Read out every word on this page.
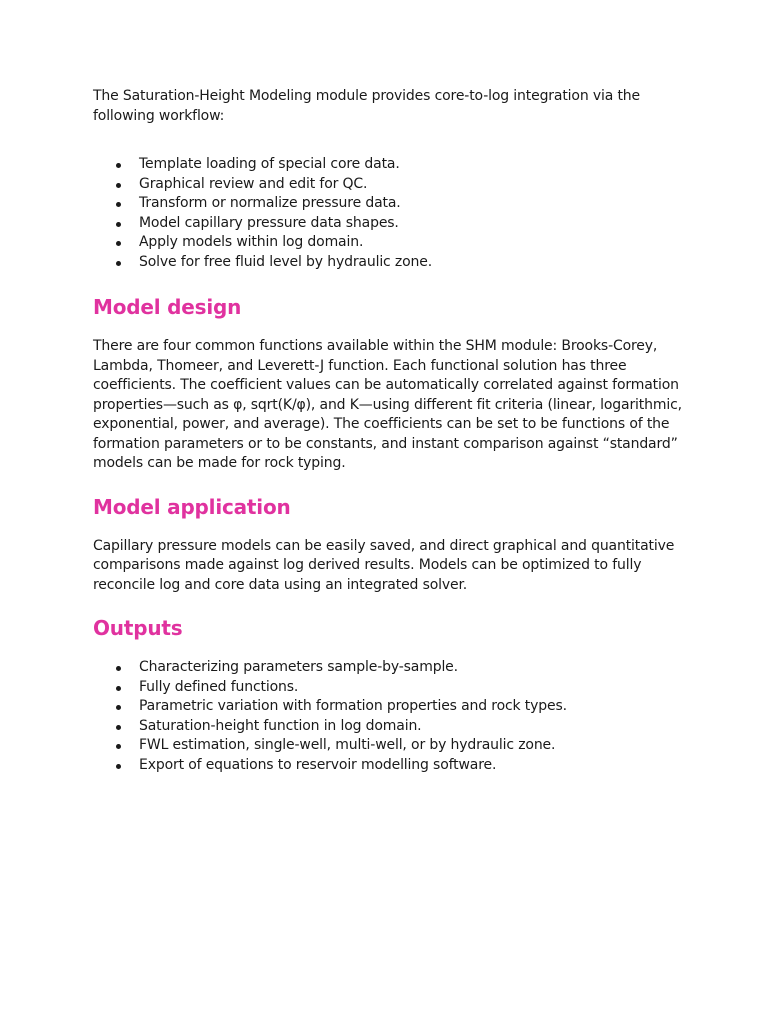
The Saturation-Height Modeling module provides core-to-log integration via the following workflow:

Template loading of special core data.
Graphical review and edit for QC.
Transform or normalize pressure data.
Model capillary pressure data shapes.
Apply models within log domain.
Solve for free fluid level by hydraulic zone.
Model design

There are four common functions available within the SHM module: Brooks-Corey, Lambda, Thomeer, and Leverett-J function. Each functional solution has three coefficients. The coefficient values can be automatically correlated against formation properties—such as φ, sqrt(K/φ), and K—using different fit criteria (linear, logarithmic, exponential, power, and average). The coefficients can be set to be functions of the formation parameters or to be constants, and instant comparison against “standard” models can be made for rock typing.

Model application

Capillary pressure models can be easily saved, and direct graphical and quantitative comparisons made against log derived results. Models can be optimized to fully reconcile log and core data using an integrated solver.

Outputs
Characterizing parameters sample-by-sample.
Fully defined functions.
Parametric variation with formation properties and rock types.
Saturation-height function in log domain.
FWL estimation, single-well, multi-well, or by hydraulic zone.
Export of equations to reservoir modelling software.
